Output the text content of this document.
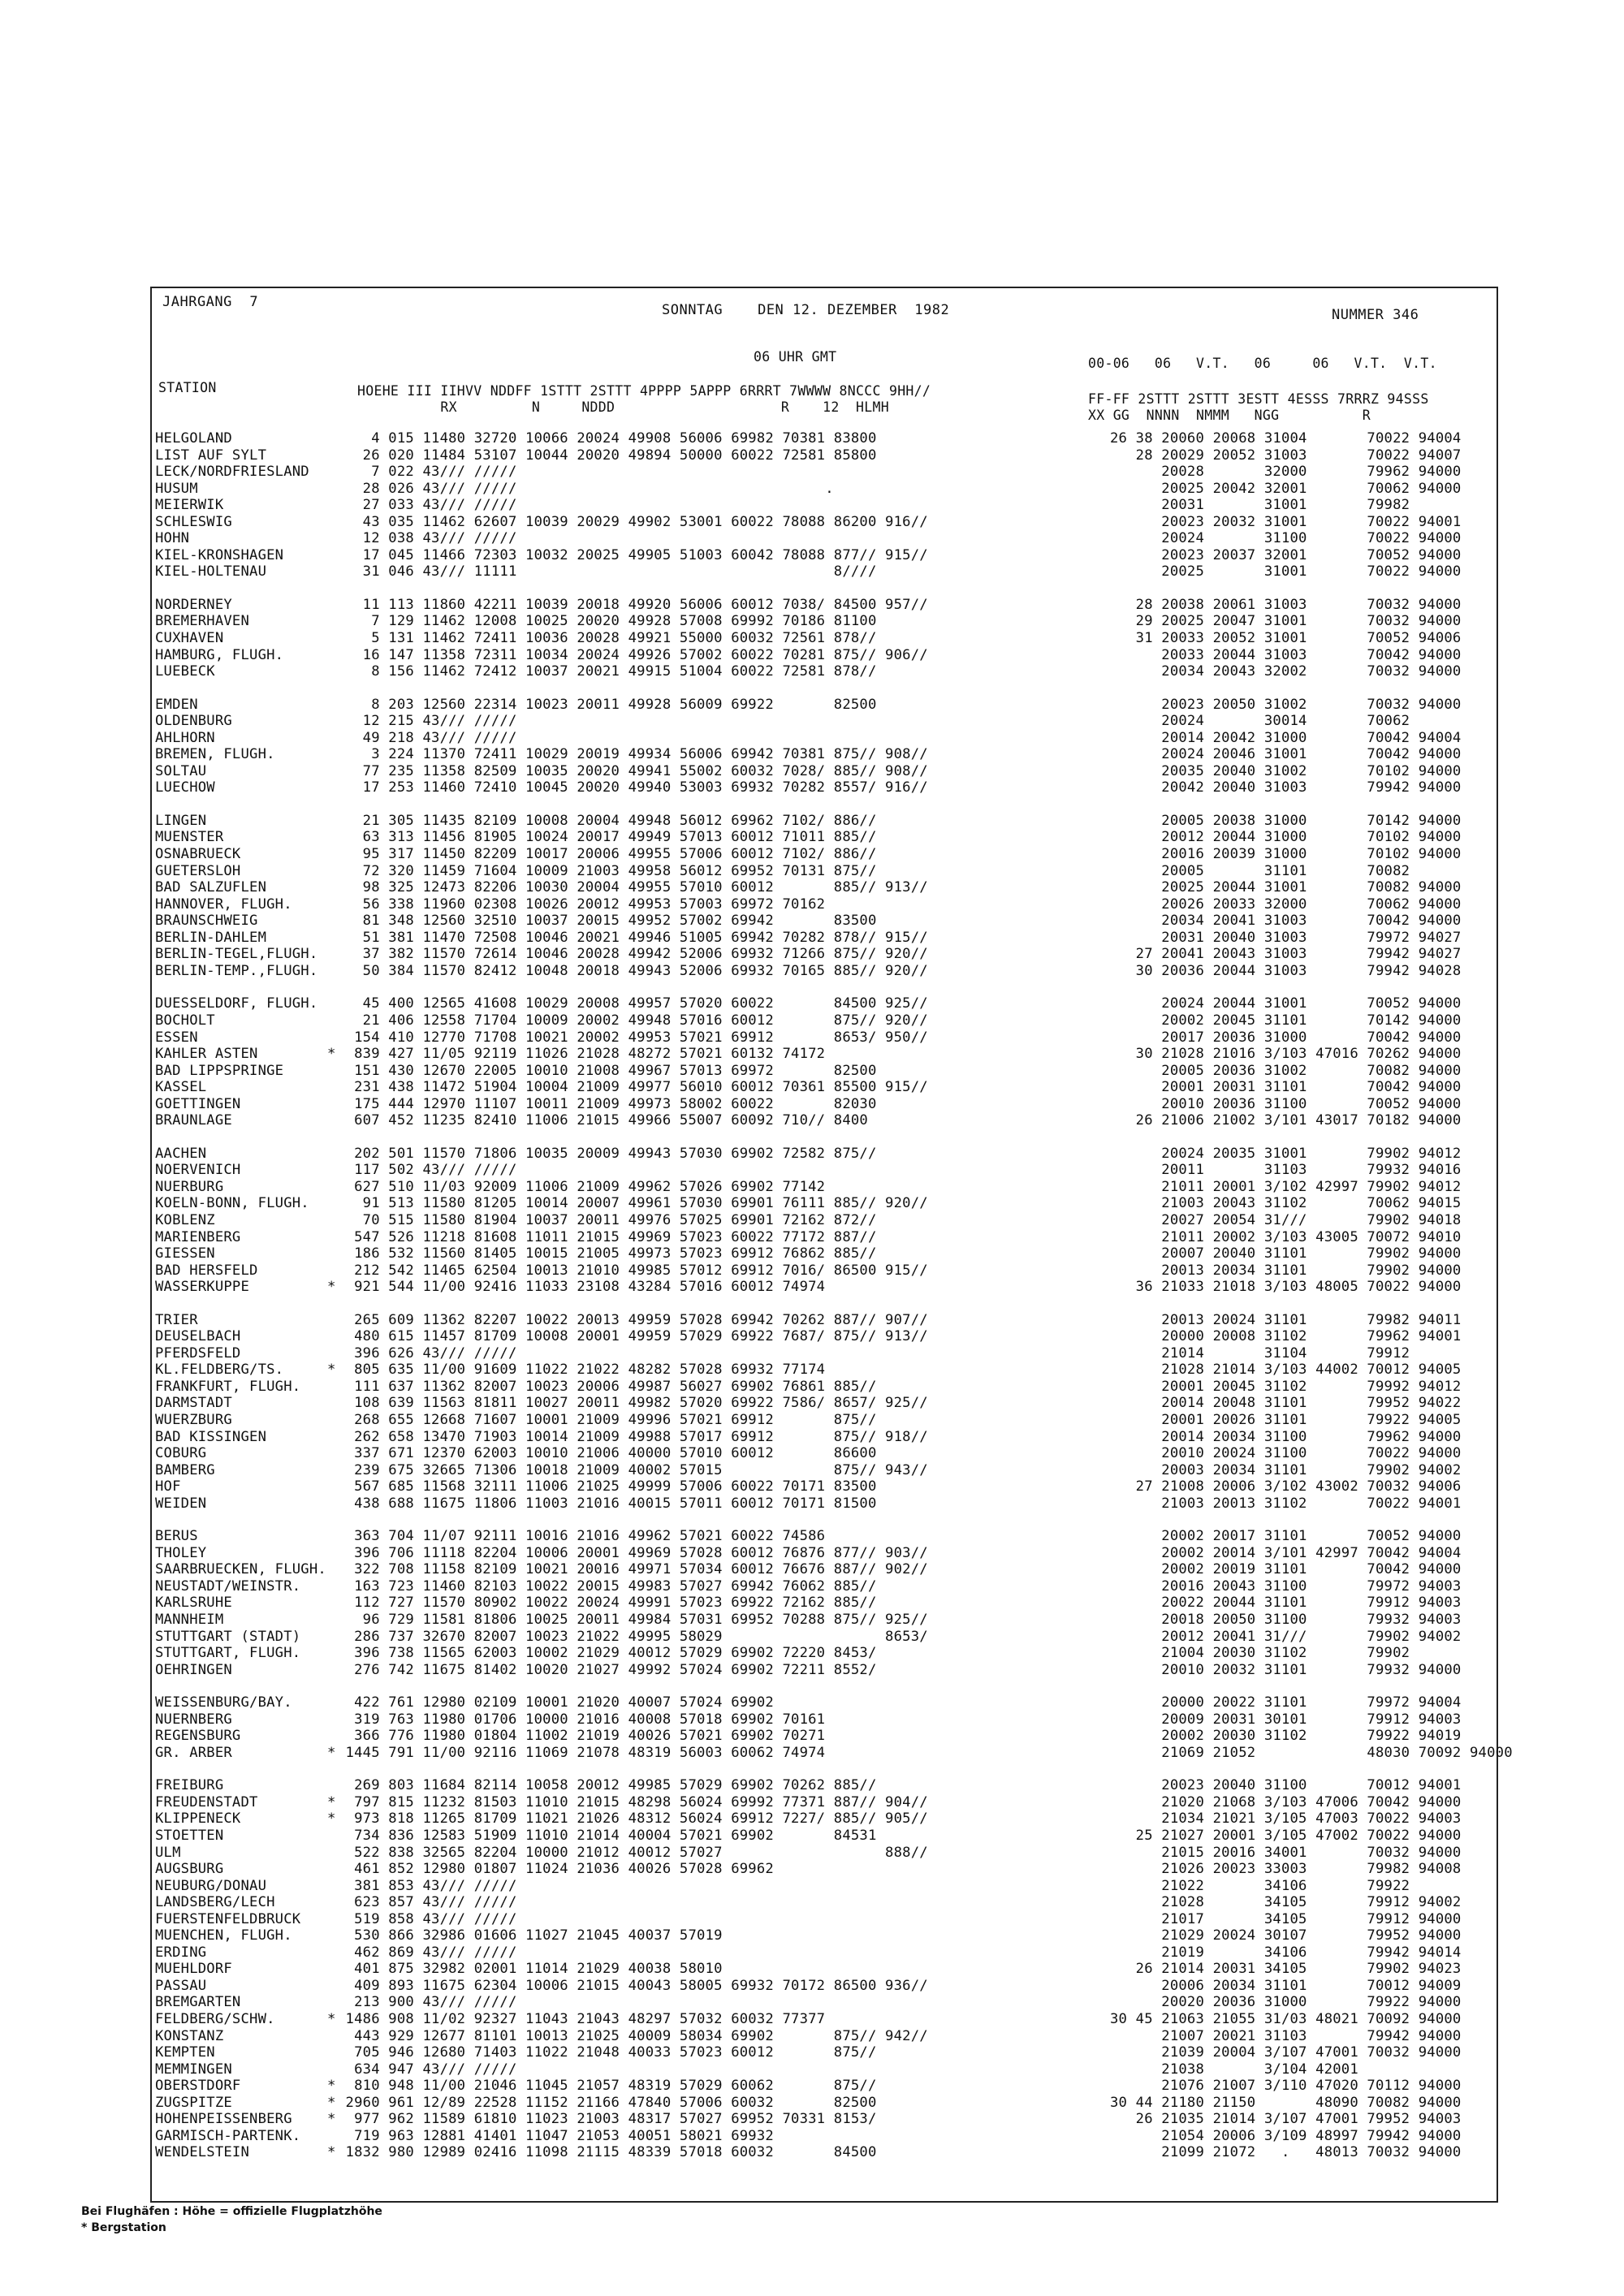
JAHRGANG  7	SONNTAG    DEN 12. DEZEMBER  1982	NUMMER 346
06 UHR GMT	00-06   06   V.T.   06     06   V.T.  V.T.
STATION	HOEHE III IIHVV NDDFF 1STTT 2STTT 4PPPP 5APPP 6RRRT 7WWWW 8NCCC 9HH//
RX         N     NDDD                    R    12  HLMH
FF-FF 2STTT 2STTT 3ESTT 4ESSS 7RRRZ 94SSS
XX GG  NNNN  NMMM   NGG          R
HELGOLAND	4 015 11480 32720 10066 20024 49908 56006 69982 70381 83800	26 38 20060 20068 31004       70022 94004
LIST AUF SYLT	26 020 11484 53107 10044 20020 49894 50000 60022 72581 85800	28 20029 20052 31003       70022 94007
LECK/NORDFRIESLAND 7 022 43/// /////	20028       32000       79962 94000
HUSUM	28 026 43/// /////                                    .	20025 20042 32001       70062 94000
MEIERWIK	27 033 43/// /////	20031       31001       79982
SCHLESWIG	43 035 11462 62607 10039 20029 49902 53001 60022 78088 86200 916//	20023 20032 31001       70022 94001
HOHN	12 038 43/// /////	20024       31100       70022 94000
KIEL-KRONSHAGEN	17 045 11466 72303 10032 20025 49905 51003 60042 78088 877// 915//	20023 20037 32001       70052 94000
KIEL-HOLTENAU	31 046 43/// 11111                                     8////	20025       31001       70022 94000
NORDERNEY	11 113 11860 42211 10039 20018 49920 56006 60012 7038/ 84500 957//	28 20038 20061 31003       70032 94000
BREMERHAVEN	7 129 11462 12008 10025 20020 49928 57008 69992 70186 81100	29 20025 20047 31001       70032 94000
CUXHAVEN	5 131 11462 72411 10036 20028 49921 55000 60032 72561 878//	31 20033 20052 31001       70052 94006
HAMBURG, FLUGH.	16 147 11358 72311 10034 20024 49926 57002 60022 70281 875// 906//	20033 20044 31003       70042 94000
LUEBECK	8 156 11462 72412 10037 20021 49915 51004 60022 72581 878//	20034 20043 32002       70032 94000
EMDEN	8 203 12560 22314 10023 20011 49928 56009 69922       82500	20023 20050 31002       70032 94000
OLDENBURG	12 215 43/// /////	20024       30014       70062
AHLHORN	49 218 43/// /////	20014 20042 31000       70042 94004
BREMEN, FLUGH.	3 224 11370 72411 10029 20019 49934 56006 69942 70381 875// 908//	20024 20046 31001       70042 94000
SOLTAU	77 235 11358 82509 10035 20020 49941 55002 60032 7028/ 885// 908//	20035 20040 31002       70102 94000
LUECHOW	17 253 11460 72410 10045 20020 49940 53003 69932 70282 8557/ 916//	20042 20040 31003       79942 94000
LINGEN	21 305 11435 82109 10008 20004 49948 56012 69962 7102/ 886//	20005 20038 31000       70142 94000
MUENSTER	63 313 11456 81905 10024 20017 49949 57013 60012 71011 885//	20012 20044 31000       70102 94000
OSNABRUECK	95 317 11450 82209 10017 20006 49955 57006 60012 7102/ 886//	20016 20039 31000       70102 94000
GUETERSLOH	72 320 11459 71604 10009 21003 49958 56012 69952 70131 875//	20005       31101       70082
BAD SALZUFLEN	98 325 12473 82206 10030 20004 49955 57010 60012       885// 913//	20025 20044 31001       70082 94000
HANNOVER, FLUGH.	56 338 11960 02308 10026 20012 49953 57003 69972 70162	20026 20033 32000       70062 94000
BRAUNSCHWEIG	81 348 12560 32510 10037 20015 49952 57002 69942       83500	20034 20041 31003       70042 94000
BERLIN-DAHLEM	51 381 11470 72508 10046 20021 49946 51005 69942 70282 878// 915//	20031 20040 31003       79972 94027
BERLIN-TEGEL,FLUGH. 37 382 11570 72614 10046 20028 49942 52006 69932 71266 875// 920//	27 20041 20043 31003       79942 94027
BERLIN-TEMP.,FLUGH. 50 384 11570 82412 10048 20018 49943 52006 69932 70165 885// 920//	30 20036 20044 31003       79942 94028
DUESSELDORF, FLUGH. 45 400 12565 41608 10029 20008 49957 57020 60022       84500 925//	20024 20044 31001       70052 94000
BOCHOLT	21 406 12558 71704 10009 20002 49948 57016 60012       875// 920//	20002 20045 31101       70142 94000
ESSEN	154 410 12770 71708 10021 20002 49953 57021 69912       8653/ 950//	20017 20036 31000       70042 94000
KAHLER ASTEN	* 839 427 11/05 92119 11026 21028 48272 57021 60132 74172	30 21028 21016 3/103 47016 70262 94000
BAD LIPPSPRINGE	151 430 12670 22005 10010 21008 49967 57013 69972       82500	20005 20036 31002       70082 94000
KASSEL	231 438 11472 51904 10004 21009 49977 56010 60012 70361 85500 915//	20001 20031 31101       70042 94000
GOETTINGEN	175 444 12970 11107 10011 21009 49973 58002 60022       82030	20010 20036 31100       70052 94000
BRAUNLAGE	607 452 11235 82410 11006 21015 49966 55007 60092 710// 8400	26 21006 21002 3/101 43017 70182 94000
AACHEN	202 501 11570 71806 10035 20009 49943 57030 69902 72582 875//	20024 20035 31001       79902 94012
NOERVENICH	117 502 43/// /////	20011       31103       79932 94016
NUERBURG	627 510 11/03 92009 11006 21009 49962 57026 69902 77142	21011 20001 3/102 42997 79902 94012
KOELN-BONN, FLUGH. 91 513 11580 81205 10014 20007 49961 57030 69901 76111 885// 920//	21003 20043 31102       70062 94015
KOBLENZ	70 515 11580 81904 10037 20011 49976 57025 69901 72162 872//	20027 20054 31///       79902 94018
MARIENBERG	547 526 11218 81608 11011 21015 49969 57023 60022 77172 887//	21011 20002 3/103 43005 70072 94010
GIESSEN	186 532 11560 81405 10015 21005 49973 57023 69912 76862 885//	20007 20040 31101       79902 94000
BAD HERSFELD	212 542 11465 62504 10013 21010 49985 57012 69912 7016/ 86500 915//	20013 20034 31101       79902 94000
WASSERKUPPE	* 921 544 11/00 92416 11033 23108 43284 57016 60012 74974	36 21033 21018 3/103 48005 70022 94000
TRIER	265 609 11362 82207 10022 20013 49959 57028 69942 70262 887// 907//	20013 20024 31101       79982 94011
DEUSELBACH	480 615 11457 81709 10008 20001 49959 57029 69922 7687/ 875// 913//	20000 20008 31102       79962 94001
PFERDSFELD	396 626 43/// /////	21014       31104       79912
KL.FELDBERG/TS.	* 805 635 11/00 91609 11022 21022 48282 57028 69932 77174	21028 21014 3/103 44002 70012 94005
FRANKFURT, FLUGH.	111 637 11362 82007 10023 20006 49987 56027 69902 76861 885//	20001 20045 31102       79992 94012
DARMSTADT	108 639 11563 81811 10027 20011 49982 57020 69922 7586/ 8657/ 925//	20014 20048 31101       79952 94022
WUERZBURG	268 655 12668 71607 10001 21009 49996 57021 69912       875//	20001 20026 31101       79922 94005
BAD KISSINGEN	262 658 13470 71903 10014 21009 49988 57017 69912       875// 918//	20014 20034 31100       79962 94000
COBURG	337 671 12370 62003 10010 21006 40000 57010 60012       86600	20010 20024 31100       70022 94000
BAMBERG	239 675 32665 71306 10018 21009 40002 57015             875// 943//	20003 20034 31101       79902 94002
HOF	567 685 11568 32111 11006 21025 49999 57006 60022 70171 83500	27 21008 20006 3/102 43002 70032 94006
WEIDEN	438 688 11675 11806 11003 21016 40015 57011 60012 70171 81500	21003 20013 31102       70022 94001
BERUS	363 704 11/07 92111 10016 21016 49962 57021 60022 74586	20002 20017 31101       70052 94000
THOLEY	396 706 11118 82204 10006 20001 49969 57028 60012 76876 877// 903//	20002 20014 3/101 42997 70042 94004
SAARBRUECKEN, FLUGH. 322 708 11158 82109 10021 20016 49971 57034 60012 76676 887// 902//	20002 20019 31101       70042 94000
NEUSTADT/WEINSTR.	163 723 11460 82103 10022 20015 49983 57027 69942 76062 885//	20016 20043 31100       79972 94003
KARLSRUHE	112 727 11570 80902 10022 20024 49991 57023 69922 72162 885//	20022 20044 31101       79912 94003
MANNHEIM	96 729 11581 81806 10025 20011 49984 57031 69952 70288 875// 925//	20018 20050 31100       79932 94003
STUTTGART (STADT)	286 737 32670 82007 10023 21022 49995 58029                   8653/	20012 20041 31///       79902 94002
STUTTGART, FLUGH.	396 738 11565 62003 10002 21029 40012 57029 69902 72220 8453/	21004 20030 31102       79902
OEHRINGEN	276 742 11675 81402 10020 21027 49992 57024 69902 72211 8552/	20010 20032 31101       79932 94000
WEISSENBURG/BAY.	422 761 12980 02109 10001 21020 40007 57024 69902	20000 20022 31101       79972 94004
NUERNBERG	319 763 11980 01706 10000 21016 40008 57018 69902 70161	20009 20031 30101       79912 94003
REGENSBURG	366 776 11980 01804 11002 21019 40026 57021 69902 70271	20002 20030 31102       79922 94019
GR. ARBER	* 1445 791 11/00 92116 11069 21078 48319 56003 60062 74974	21069 21052             48030 70092 94000
FREIBURG	269 803 11684 82114 10058 20012 49985 57029 69902 70262 885//	20023 20040 31100       70012 94001
FREUDENSTADT	* 797 815 11232 81503 11010 21015 48298 56024 69992 77371 887// 904//	21020 21068 3/103 47006 70042 94000
KLIPPENECK	* 973 818 11265 81709 11021 21026 48312 56024 69912 7227/ 885// 905//	21034 21021 3/105 47003 70022 94003
STOETTEN	734 836 12583 51909 11010 21014 40004 57021 69902       84531	25 21027 20001 3/105 47002 70022 94000
ULM	522 838 32565 82204 10000 21012 40012 57027                   888//	21015 20016 34001       70032 94000
AUGSBURG	461 852 12980 01807 11024 21036 40026 57028 69962	21026 20023 33003       79982 94008
NEUBURG/DONAU	381 853 43/// /////	21022       34106       79922
LANDSBERG/LECH	623 857 43/// /////	21028       34105       79912 94002
FUERSTENFELDBRUCK	519 858 43/// /////	21017       34105       79912 94000
MUENCHEN, FLUGH.	530 866 32986 01606 11027 21045 40037 57019	21029 20024 30107       79952 94000
ERDING	462 869 43/// /////	21019       34106       79942 94014
MUEHLDORF	401 875 32982 02001 11014 21029 40038 58010	26 21014 20031 34105       79902 94023
PASSAU	409 893 11675 62304 10006 21015 40043 58005 69932 70172 86500 936//	20006 20034 31101       70012 94009
BREMGARTEN	213 900 43/// /////	20020 20036 31000       79922 94000
FELDBERG/SCHW.	* 1486 908 11/02 92327 11043 21043 48297 57032 60032 77377	30 45 21063 21055 31/03 48021 70092 94000
KONSTANZ	443 929 12677 81101 10013 21025 40009 58034 69902       875// 942//	21007 20021 31103       79942 94000
KEMPTEN	705 946 12680 71403 11022 21048 40033 57023 60012       875//	21039 20004 3/107 47001 70032 94000
MEMMINGEN	634 947 43/// /////	21038       3/104 42001
OBERSTDORF	* 810 948 11/00 21046 11045 21057 48319 57029 60062       875//	21076 21007 3/110 47020 70112 94000
ZUGSPITZE	* 2960 961 12/89 22528 11152 21166 47840 57006 60032       82500	30 44 21180 21150       48090 70082 94000
HOHENPEISSENBERG	* 977 962 11589 61810 11023 21003 48317 57027 69952 70331 8153/	26 21035 21014 3/107 47001 79952 94003
GARMISCH-PARTENK.	719 963 12881 41401 11047 21053 40051 58021 69932	21054 20006 3/109 48997 79942 94000
WENDELSTEIN	* 1832 980 12989 02416 11098 21115 48339 57018 60032       84500	21099 21072   .   48013 70032 94000
Bei Flughäfen : Höhe = offizielle Flugplatzhöhe
* Bergstation
